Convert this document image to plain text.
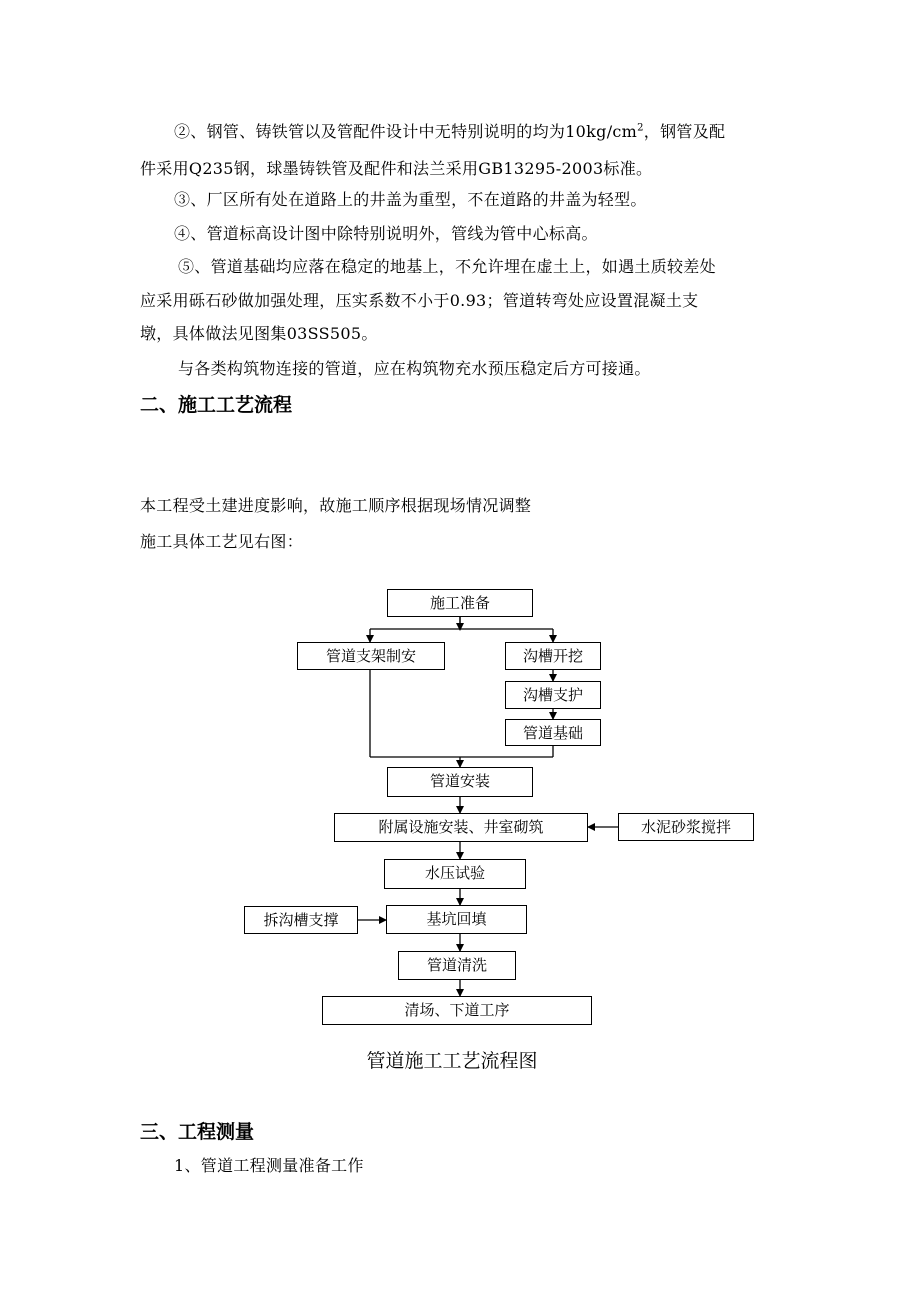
②、钢管、铸铁管以及管配件设计中无特别说明的均为$10kg/cm^2$，钢管及配
件采用Q235钢，球墨铸铁管及配件和法兰采用GB13295-2003标准。
③、厂区所有处在道路上的井盖为重型，不在道路的井盖为轻型。
④、管道标高设计图中除特别说明外，管线为管中心标高。
⑤、管道基础均应落在稳定的地基上，不允许埋在虚土上，如遇土质较差处
应采用砾石砂做加强处理，压实系数不小于0.93；管道转弯处应设置混凝土支
墩，具体做法见图集03SS505。
与各类构筑物连接的管道，应在构筑物充水预压稳定后方可接通。
二、施工工艺流程
本工程受土建进度影响，故施工顺序根据现场情况调整
施工具体工艺见右图：
施工准备
管道支架制安	沟槽开挖
沟槽支护
管道基础
管道安装
附属设施安装、井室砌筑	水泥砂浆搅拌
水压试验
拆沟槽支撑	基坑回填
管道清洗
清场、下道工序
管道施工工艺流程图
三、工程测量
1、管道工程测量准备工作
